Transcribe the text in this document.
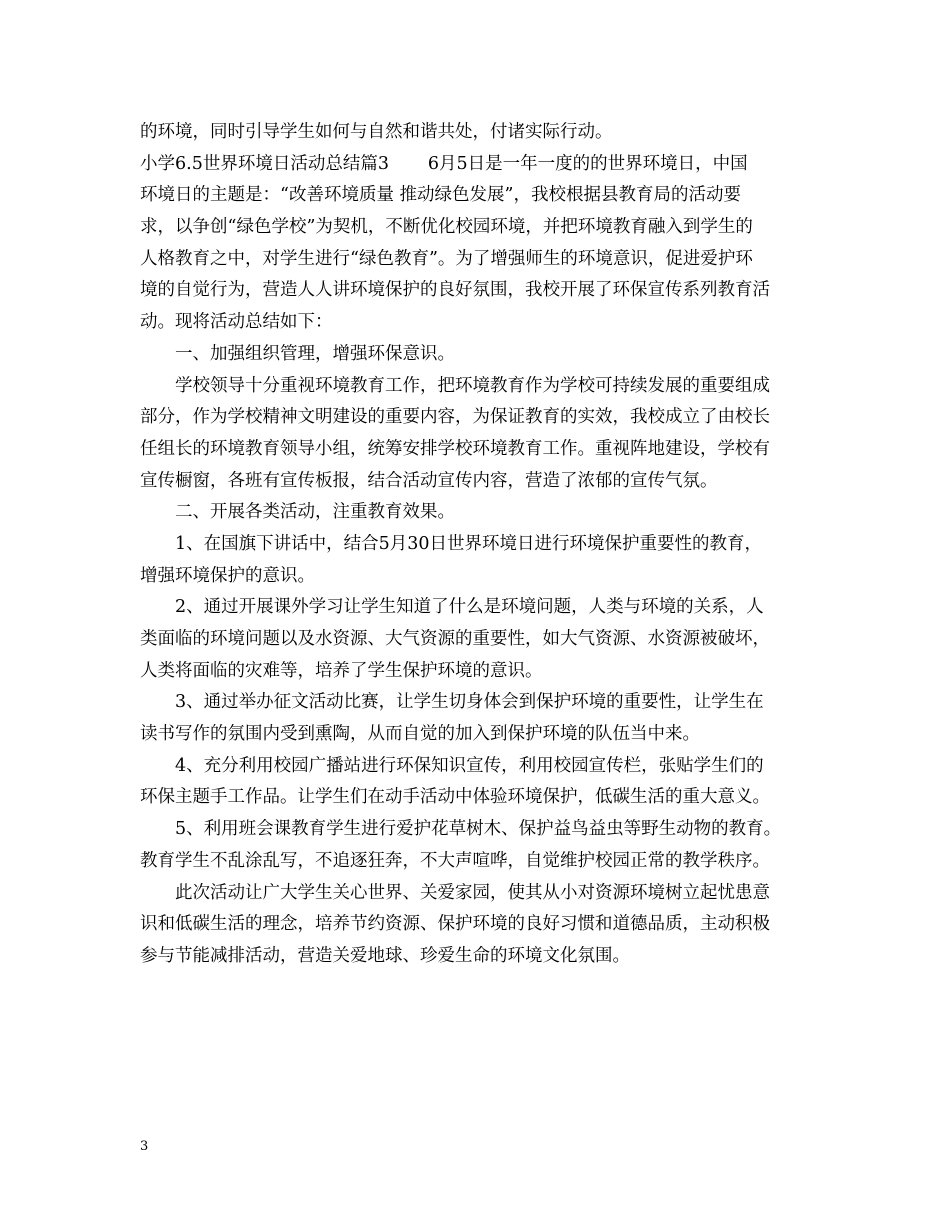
的环境，同时引导学生如何与自然和谐共处，付诸实际行动。
小学6.5世界环境日活动总结篇3       6月5日是一年一度的的世界环境日，中国
环境日的主题是：“改善环境质量 推动绿色发展”，我校根据县教育局的活动要
求，以争创“绿色学校”为契机，不断优化校园环境，并把环境教育融入到学生的
人格教育之中，对学生进行“绿色教育”。为了增强师生的环境意识，促进爱护环
境的自觉行为，营造人人讲环境保护的良好氛围，我校开展了环保宣传系列教育活
动。现将活动总结如下：
一、加强组织管理，增强环保意识。
学校领导十分重视环境教育工作，把环境教育作为学校可持续发展的重要组成
部分，作为学校精神文明建设的重要内容，为保证教育的实效，我校成立了由校长
任组长的环境教育领导小组，统筹安排学校环境教育工作。重视阵地建设，学校有
宣传橱窗，各班有宣传板报，结合活动宣传内容，营造了浓郁的宣传气氛。
二、开展各类活动，注重教育效果。
1、在国旗下讲话中，结合5月30日世界环境日进行环境保护重要性的教育，
增强环境保护的意识。
2、通过开展课外学习让学生知道了什么是环境问题，人类与环境的关系，人
类面临的环境问题以及水资源、大气资源的重要性，如大气资源、水资源被破坏，
人类将面临的灾难等，培养了学生保护环境的意识。
3、通过举办征文活动比赛，让学生切身体会到保护环境的重要性，让学生在
读书写作的氛围内受到熏陶，从而自觉的加入到保护环境的队伍当中来。
4、充分利用校园广播站进行环保知识宣传，利用校园宣传栏，张贴学生们的
环保主题手工作品。让学生们在动手活动中体验环境保护，低碳生活的重大意义。
5、利用班会课教育学生进行爱护花草树木、保护益鸟益虫等野生动物的教育。
教育学生不乱涂乱写，不追逐狂奔，不大声喧哗，自觉维护校园正常的教学秩序。
此次活动让广大学生关心世界、关爱家园，使其从小对资源环境树立起忧患意
识和低碳生活的理念，培养节约资源、保护环境的良好习惯和道德品质，主动积极
参与节能减排活动，营造关爱地球、珍爱生命的环境文化氛围。
3
